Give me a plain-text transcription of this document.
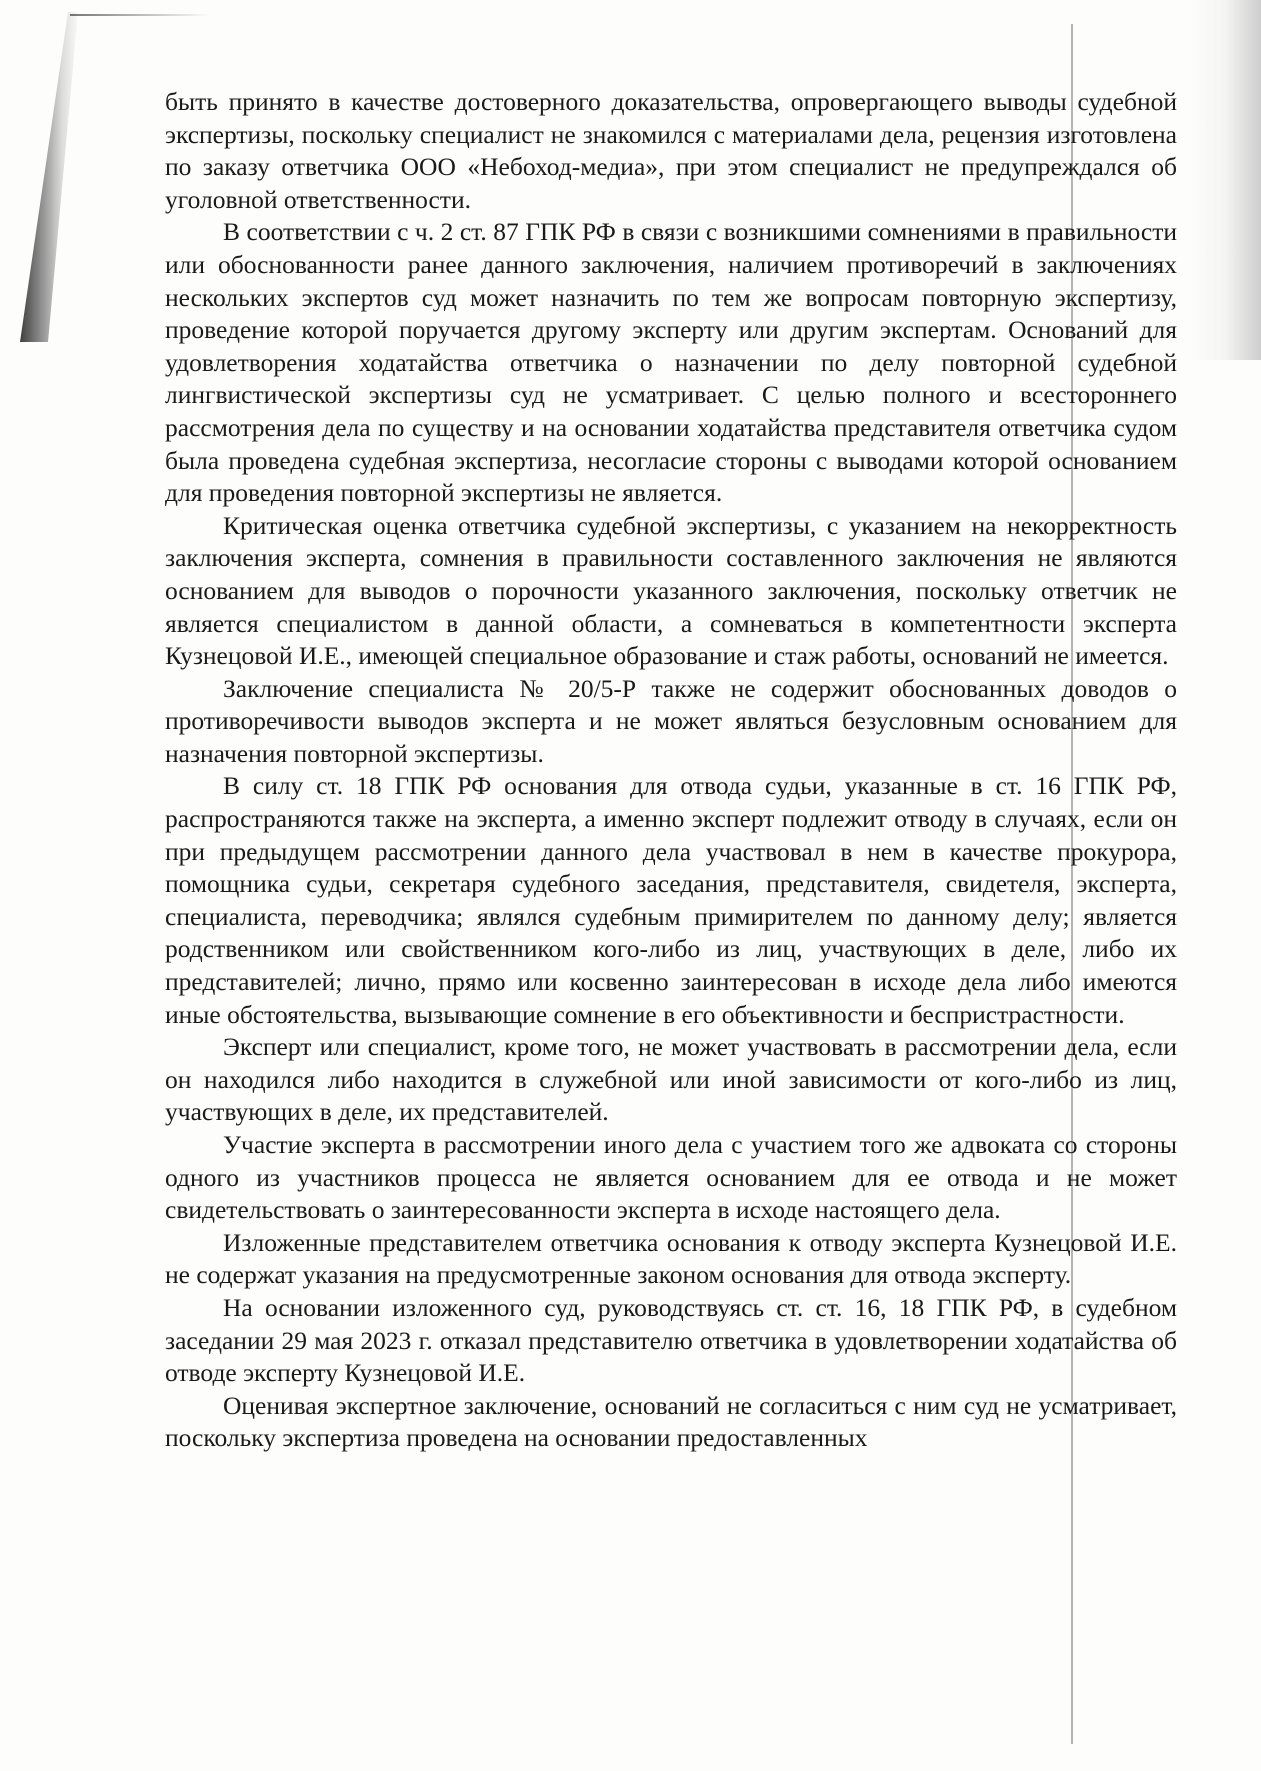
быть принято в качестве достоверного доказательства, опровергающего выводы судебной экспертизы, поскольку специалист не знакомился с материалами дела, рецензия изготовлена по заказу ответчика ООО «Небоход-медиа», при этом специалист не предупреждался об уголовной ответственности.

В соответствии с ч. 2 ст. 87 ГПК РФ в связи с возникшими сомнениями в правильности или обоснованности ранее данного заключения, наличием противоречий в заключениях нескольких экспертов суд может назначить по тем же вопросам повторную экспертизу, проведение которой поручается другому эксперту или другим экспертам. Оснований для удовлетворения ходатайства ответчика о назначении по делу повторной судебной лингвистической экспертизы суд не усматривает. С целью полного и всестороннего рассмотрения дела по существу и на основании ходатайства представителя ответчика судом была проведена судебная экспертиза, несогласие стороны с выводами которой основанием для проведения повторной экспертизы не является.

Критическая оценка ответчика судебной экспертизы, с указанием на некорректность заключения эксперта, сомнения в правильности составленного заключения не являются основанием для выводов о порочности указанного заключения, поскольку ответчик не является специалистом в данной области, а сомневаться в компетентности эксперта Кузнецовой И.Е., имеющей специальное образование и стаж работы, оснований не имеется.

Заключение специалиста № 20/5-Р также не содержит обоснованных доводов о противоречивости выводов эксперта и не может являться безусловным основанием для назначения повторной экспертизы.

В силу ст. 18 ГПК РФ основания для отвода судьи, указанные в ст. 16 ГПК РФ, распространяются также на эксперта, а именно эксперт подлежит отводу в случаях, если он при предыдущем рассмотрении данного дела участвовал в нем в качестве прокурора, помощника судьи, секретаря судебного заседания, представителя, свидетеля, эксперта, специалиста, переводчика; являлся судебным примирителем по данному делу; является родственником или свойственником кого-либо из лиц, участвующих в деле, либо их представителей; лично, прямо или косвенно заинтересован в исходе дела либо имеются иные обстоятельства, вызывающие сомнение в его объективности и беспристрастности.

Эксперт или специалист, кроме того, не может участвовать в рассмотрении дела, если он находился либо находится в служебной или иной зависимости от кого-либо из лиц, участвующих в деле, их представителей.

Участие эксперта в рассмотрении иного дела с участием того же адвоката со стороны одного из участников процесса не является основанием для ее отвода и не может свидетельствовать о заинтересованности эксперта в исходе настоящего дела.

Изложенные представителем ответчика основания к отводу эксперта Кузнецовой И.Е. не содержат указания на предусмотренные законом основания для отвода эксперту.

На основании изложенного суд, руководствуясь ст. ст. 16, 18 ГПК РФ, в судебном заседании 29 мая 2023 г. отказал представителю ответчика в удовлетворении ходатайства об отводе эксперту Кузнецовой И.Е.

Оценивая экспертное заключение, оснований не согласиться с ним суд не усматривает, поскольку экспертиза проведена на основании предоставленных
